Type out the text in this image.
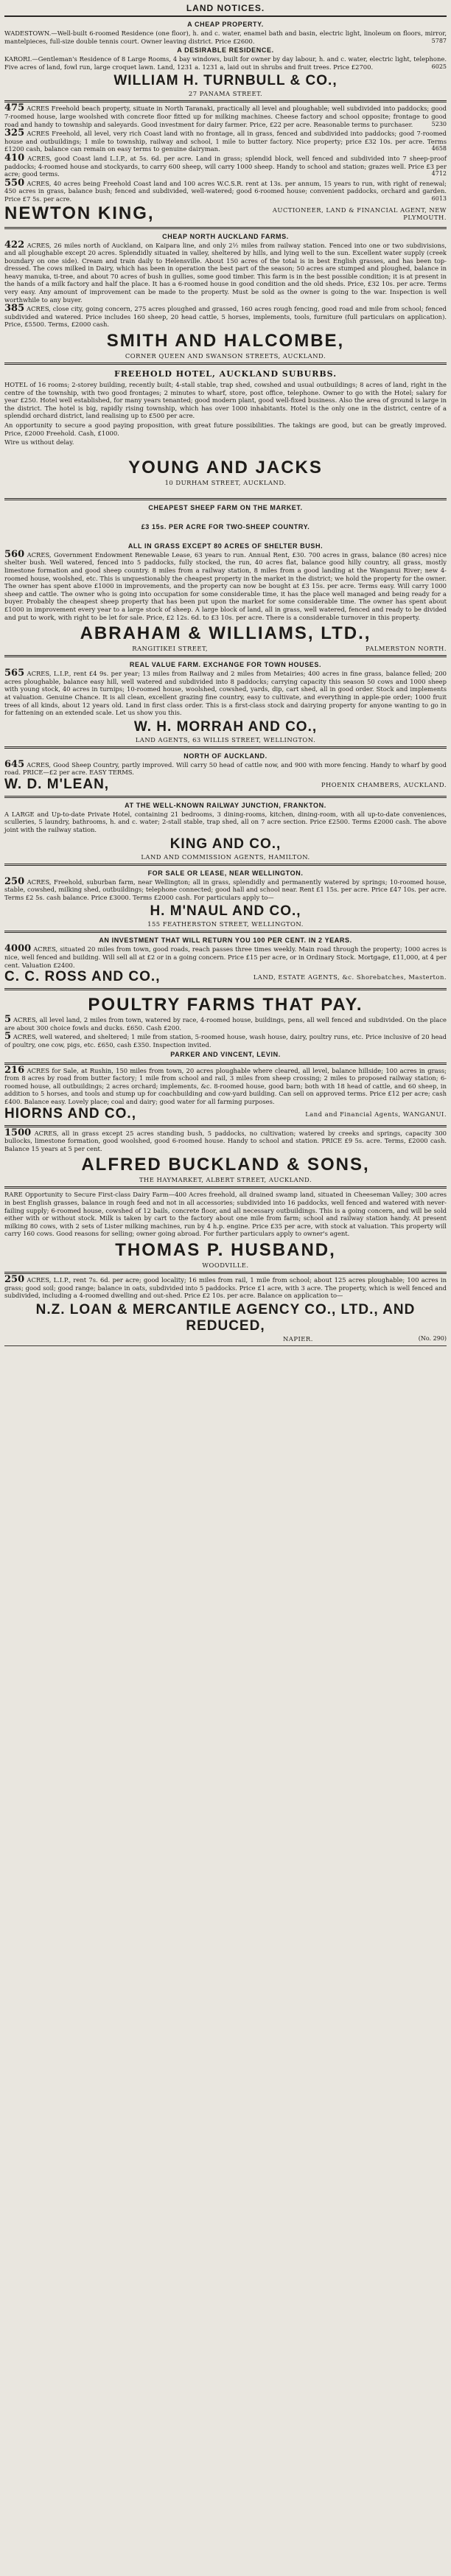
LAND NOTICES.
A CHEAP PROPERTY.

WADESTOWN.—Well-built 6-roomed Residence (one floor), h. and c. water, enamel bath and basin, electric light, linoleum on floors, mirror, mantelpieces, full-size double tennis court. Owner leaving district. Price £2600.	5787

A DESIRABLE RESIDENCE.

KARORI.—Gentleman's Residence of 8 Large Rooms, 4 bay windows, built for owner by day labour, h. and c. water, electric light, telephone. Five acres of land, fowl run, large croquet lawn. Land, 1231 a. 1231 a, laid out in shrubs and fruit trees. Price £2700.	6025

WILLIAM H. TURNBULL & CO.,
27 PANAMA STREET.

475 ACRES Freehold beach property, situate in North Taranaki, practically all level and ploughable; well subdivided into paddocks; good 7-roomed house, large woolshed with concrete floor fitted up for milking machines. Cheese factory and school opposite; frontage to good road and handy to township and saleyards. Good investment for dairy farmer. Price, £22 per acre. Reasonable terms to purchaser.	5230

325 ACRES Freehold, all level, very rich Coast land with no frontage, all in grass, fenced and subdivided into paddocks; good 7-roomed house and outbuildings; 1 mile to township, railway and school, 1 mile to butter factory. Nice property; price £32 10s. per acre. Terms £1200 cash, balance can remain on easy terms to genuine dairyman.	4658

410 ACRES, good Coast land L.I.P., at 5s. 6d. per acre. Land in grass; splendid block, well fenced and subdivided into 7 sheep-proof paddocks; 4-roomed house and stockyards, to carry 600 sheep, will carry 1000 sheep. Handy to school and station; grazes well. Price £3 per acre; good terms.	4712

550 ACRES, 40 acres being Freehold Coast land and 100 acres W.C.S.R. rent at 13s. per annum, 15 years to run, with right of renewal; 450 acres in grass, balance bush; fenced and subdivided, well-watered; good 6-roomed house; convenient paddocks, orchard and garden. Price £7 5s. per acre.	6013

NEWTON KING,	AUCTIONEER, LAND & FINANCIAL AGENT, NEW PLYMOUTH.
CHEAP NORTH AUCKLAND FARMS.

422 ACRES, 26 miles north of Auckland, on Kaipara line, and only 2½ miles from railway station. Fenced into one or two subdivisions, and all ploughable except 20 acres. Splendidly situated in valley, sheltered by hills, and lying well to the sun. Excellent water supply (creek boundary on one side). Cream and train daily to Helensville. About 150 acres of the total is in best English grasses, and has been top-dressed. The cows milked in Dairy, which has been in operation the best part of the season; 50 acres are stumped and ploughed, balance in heavy manuka, ti-tree, and about 70 acres of bush in gullies, some good timber. This farm is in the best possible condition; it is at present in the hands of a milk factory and half the place. It has a 6-roomed house in good condition and the old sheds. Price, £32 10s. per acre. Terms very easy. Any amount of improvement can be made to the property. Must be sold as the owner is going to the war. Inspection is well worthwhile to any buyer.

385 ACRES, close city, going concern, 275 acres ploughed and grassed, 160 acres rough fencing, good road and mile from school; fenced subdivided and watered. Price includes 160 sheep, 20 head cattle, 5 horses, implements, tools, furniture (full particulars on application). Price, £5500. Terms, £2000 cash.

SMITH AND HALCOMBE,
CORNER QUEEN AND SWANSON STREETS, AUCKLAND.
FREEHOLD HOTEL, AUCKLAND SUBURBS.

HOTEL of 16 rooms; 2-storey building, recently built; 4-stall stable, trap shed, cowshed and usual outbuildings; 8 acres of land, right in the centre of the township, with two good frontages; 2 minutes to wharf, store, post office, telephone. Owner to go with the Hotel; salary for year £250. Hotel well established, for many years tenanted; good modern plant, good well-fixed business. Also the area of ground is large in the district. The hotel is big, rapidly rising township, which has over 1000 inhabitants. Hotel is the only one in the district, centre of a splendid orchard district, land realising up to £500 per acre.

An opportunity to secure a good paying proposition, with great future possibilities. The takings are good, but can be greatly improved. Price, £2000 Freehold. Cash, £1000.

Wire us without delay.

YOUNG AND JACKS
10 DURHAM STREET, AUCKLAND.
CHEAPEST SHEEP FARM ON THE MARKET.
£3 15s. PER ACRE FOR TWO-SHEEP COUNTRY.
ALL IN GRASS EXCEPT 80 ACRES OF SHELTER BUSH.

560 ACRES, Government Endowment Renewable Lease, 63 years to run. Annual Rent, £30. 700 acres in grass, balance (80 acres) nice shelter bush. Well watered, fenced into 5 paddocks, fully stocked, the run, 40 acres flat, balance good hilly country, all grass, mostly limestone formation and good sheep country. 8 miles from a railway station, 8 miles from a good landing at the Wanganui River; new 4-roomed house, woolshed, etc. This is unquestionably the cheapest property in the market in the district; we hold the property for the owner. The owner has spent above £1000 in improvements, and the property can now be bought at £3 15s. per acre. Terms easy. Will carry 1000 sheep and cattle. The owner who is going into occupation for some considerable time, it has the place well managed and being ready for a buyer. Probably the cheapest sheep property that has been put upon the market for some considerable time. The owner has spent about £1000 in improvement every year to a large stock of sheep. A large block of land, all in grass, well watered, fenced and ready to be divided and put to work, with right to be let for sale. Price, £2 12s. 6d. to £3 10s. per acre. There is a considerable turnover in this property.

ABRAHAM & WILLIAMS, LTD.,
RANGITIKEI STREET,	PALMERSTON NORTH.
REAL VALUE FARM. EXCHANGE FOR TOWN HOUSES.

565 ACRES, L.I.P., rent £4 9s. per year; 13 miles from Railway and 2 miles from Metairies; 400 acres in fine grass, balance felled; 200 acres ploughable, balance easy hill, well watered and subdivided into 8 paddocks; carrying capacity this season 50 cows and 1000 sheep with young stock, 40 acres in turnips; 10-roomed house, woolshed, cowshed, yards, dip, cart shed, all in good order. Stock and implements at valuation. Genuine Chance. It is all clean, excellent grazing fine country, easy to cultivate, and everything in apple-pie order; 1000 fruit trees of all kinds, about 12 years old. Land in first class order. This is a first-class stock and dairying property for anyone wanting to go in for fattening on an extended scale. Let us show you this.

W. H. MORRAH AND CO.,
LAND AGENTS, 63 WILLIS STREET, WELLINGTON.
NORTH OF AUCKLAND.

645 ACRES, Good Sheep Country, partly improved. Will carry 50 head of cattle now, and 900 with more fencing. Handy to wharf by good road. PRICE—£2 per acre. EASY TERMS.

W. D. M'LEAN,	PHOENIX CHAMBERS, AUCKLAND.
AT THE WELL-KNOWN RAILWAY JUNCTION, FRANKTON.

A LARGE and Up-to-date Private Hotel, containing 21 bedrooms, 3 dining-rooms, kitchen, dining-room, with all up-to-date conveniences, sculleries, 5 laundry, bathrooms, h. and c. water; 2-stall stable, trap shed, all on 7 acre section. Price £2500. Terms £2000 cash. The above joint with the railway station.

KING AND CO.,
LAND AND COMMISSION AGENTS, HAMILTON.
FOR SALE OR LEASE, NEAR WELLINGTON.

250 ACRES, Freehold, suburban farm, near Wellington; all in grass, splendidly and permanently watered by springs; 10-roomed house, stable, cowshed, milking shed, outbuildings; telephone connected; good hall and school near. Rent £1 15s. per acre. Price £47 10s. per acre. Terms £2 5s. cash balance. Price £3000. Terms £2000 cash. For particulars apply to—

H. M'NAUL AND CO.,
155 FEATHERSTON STREET, WELLINGTON.
AN INVESTMENT THAT WILL RETURN YOU 100 PER CENT. IN 2 YEARS.

4000 ACRES, situated 20 miles from town, good roads, reach passes three times weekly. Main road through the property; 1000 acres is nice, well fenced and building. Will sell all at £2 or in a going concern. Price £15 per acre, or in Ordinary Stock. Mortgage, £11,000, at 4 per cent. Valuation £2400.

C. C. ROSS AND CO.,	LAND, ESTATE AGENTS, &c. Shorebatches, Masterton.
POULTRY FARMS THAT PAY.

5 ACRES, all level land, 2 miles from town, watered by race, 4-roomed house, buildings, pens, all well fenced and subdivided. On the place are about 300 choice fowls and ducks. £650. Cash £200.

5 ACRES, well watered, and sheltered; 1 mile from station, 5-roomed house, wash house, dairy, poultry runs, etc. Price inclusive of 20 head of poultry, one cow, pigs, etc. £650, cash £350. Inspection invited.

PARKER AND VINCENT, LEVIN.

216 ACRES for Sale, at Rushin, 150 miles from town, 20 acres ploughable where cleared, all level, balance hillside; 100 acres in grass; from 8 acres by road from butter factory; 1 mile from school and rail, 3 miles from sheep crossing; 2 miles to proposed railway station; 6-roomed house, all outbuildings; 2 acres orchard; implements, &c. 8-roomed house, good barn; both with 18 head of cattle, and 60 sheep, in addition to 5 horses, and tools and stump up for coachbuilding and cow-yard building. Can sell on approved terms. Price £12 per acre; cash £400. Balance easy. Lovely place; coal and dairy; good water for all farming purposes.

HIORNS AND CO.,	Land and Financial Agents, WANGANUI.

1500 ACRES, all in grass except 25 acres standing bush, 5 paddocks, no cultivation; watered by creeks and springs, capacity 300 bullocks, limestone formation, good woolshed, good 6-roomed house. Handy to school and station. PRICE £9 5s. acre. Terms, £2000 cash. Balance 15 years at 5 per cent.

ALFRED BUCKLAND & SONS,
THE HAYMARKET, ALBERT STREET, AUCKLAND.

RARE Opportunity to Secure First-class Dairy Farm—400 Acres freehold, all drained swamp land, situated in Cheeseman Valley; 300 acres in best English grasses, balance in rough feed and not in all accessories; subdivided into 16 paddocks, well fenced and watered with never-failing supply; 6-roomed house, cowshed of 12 bails, concrete floor, and all necessary outbuildings. This is a going concern, and will be sold either with or without stock. Milk is taken by cart to the factory about one mile from farm; school and railway station handy. At present milking 80 cows, with 2 sets of Lister milking machines, run by 4 h.p. engine. Price £35 per acre, with stock at valuation. This property will carry 160 cows. Good reasons for selling; owner going abroad. For further particulars apply to owner's agent.

THOMAS P. HUSBAND,
WOODVILLE.

250 ACRES, L.I.P., rent 7s. 6d. per acre; good locality; 16 miles from rail, 1 mile from school; about 125 acres ploughable; 100 acres in grass; good soil; good range; balance in oats, subdivided into 5 paddocks. Price £1 acre, with 3 acre. The property, which is well fenced and subdivided, including a 4-roomed dwelling and out-shed. Price £2 10s. per acre. Balance on application to—

N.Z. LOAN & MERCANTILE AGENCY CO., LTD., AND REDUCED,
NAPIER.	(No. 290)
